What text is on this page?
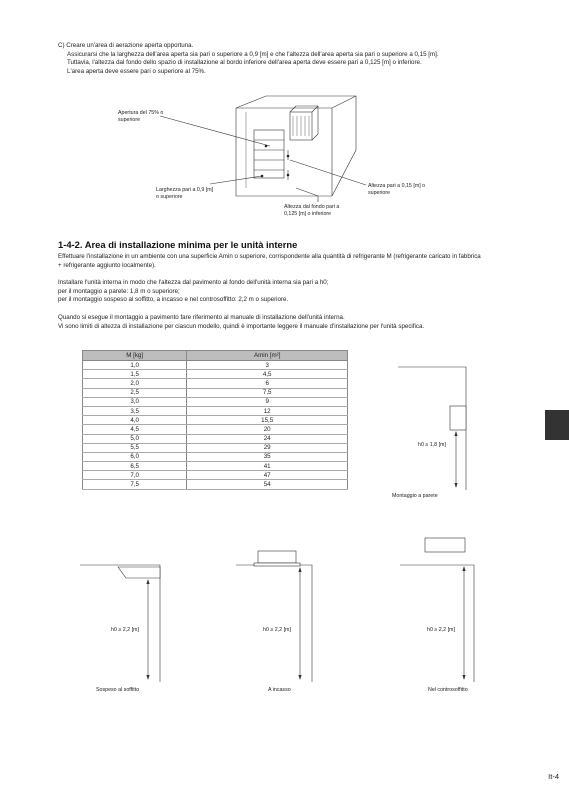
C) Creare un'area di aerazione aperta opportuna.
Assicurarsi che la larghezza dell'area aperta sia pari o superiore a 0,9 [m] e che l'altezza dell'area aperta sia pari o superiore a 0,15 [m].
Tuttavia, l'altezza dal fondo dello spazio di installazione al bordo inferiore dell'area aperta deve essere pari a 0,125 [m] o inferiore.
L'area aperta deve essere pari o superiore al 75%.
Apertura del 75% o
superiore
Larghezza pari a 0,9 [m]
o superiore
Altezza pari a 0,15 [m] o
superiore
Altezza dal fondo pari a
0,125 [m] o inferiore
1-4-2. Area di installazione minima per le unità interne
Effettuare l'installazione in un ambiente con una superficie Amin o superiore, corrispondente alla quantità di refrigerante M (refrigerante caricato in fabbrica
+ refrigerante aggiunto localmente).
Installare l'unità interna in modo che l'altezza dal pavimento al fondo dell'unità interna sia pari a h0;
per il montaggio a parete: 1,8 m o superiore;
per il montaggio sospeso al soffitto, a incasso e nel controsoffitto: 2,2 m o superiore.
Quando si esegue il montaggio a pavimento fare riferimento al manuale di installazione dell'unità interna.
Vi sono limiti di altezza di installazione per ciascun modello, quindi è importante leggere il manuale d'installazione per l'unità specifica.
M [kg]	Amin [m²]
1,0	3
1,5	4,5
2,0	6
2,5	7,5
3,0	9
3,5	12
4,0	15,5
4,5	20
5,0	24
5,5	29
6,0	35
6,5	41
7,0	47
7,5	54
h0 ≥ 1,8 [m]
Montaggio a parete
h0 ≥ 2,2 [m]
Sospeso al soffitto
h0 ≥ 2,2 [m]
A incasso
h0 ≥ 2,2 [m]
Nel controsoffitto
It-4
